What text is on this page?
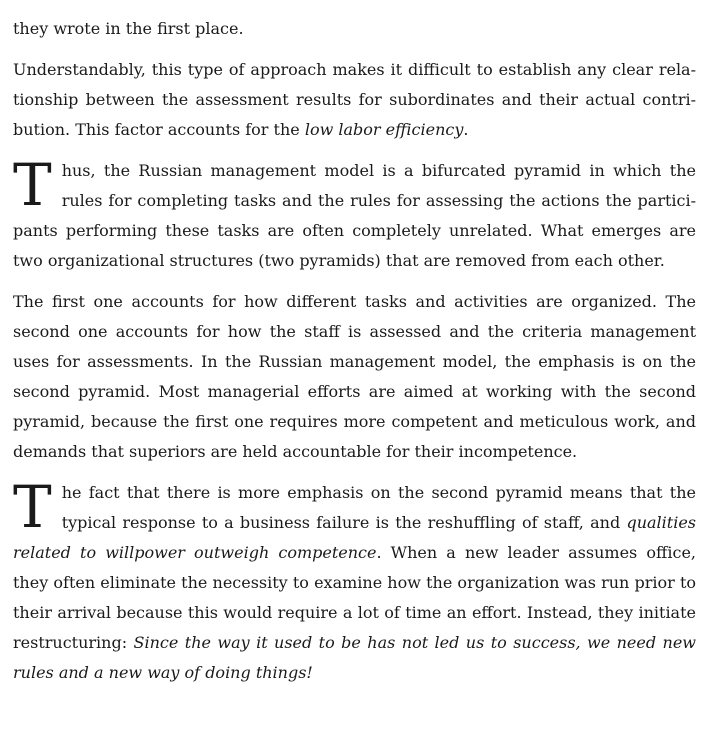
they wrote in the first place.

Understandably, this type of approach makes it difficult to establish any clear relationship between the assessment results for subordinates and their actual contribution. This factor accounts for the low labor efficiency.

Thus, the Russian management model is a bifurcated pyramid in which the rules for completing tasks and the rules for assessing the actions the participants performing these tasks are often completely unrelated. What emerges are two organizational structures (two pyramids) that are removed from each other.

The first one accounts for how different tasks and activities are organized. The second one accounts for how the staff is assessed and the criteria management uses for assessments. In the Russian management model, the emphasis is on the second pyramid. Most managerial efforts are aimed at working with the second pyramid, because the first one requires more competent and meticulous work, and demands that superiors are held accountable for their incompetence.

The fact that there is more emphasis on the second pyramid means that the typical response to a business failure is the reshuffling of staff, and qualities related to willpower outweigh competence. When a new leader assumes office, they often eliminate the necessity to examine how the organization was run prior to their arrival because this would require a lot of time an effort. Instead, they initiate restructuring: Since the way it used to be has not led us to success, we need new rules and a new way of doing things!
